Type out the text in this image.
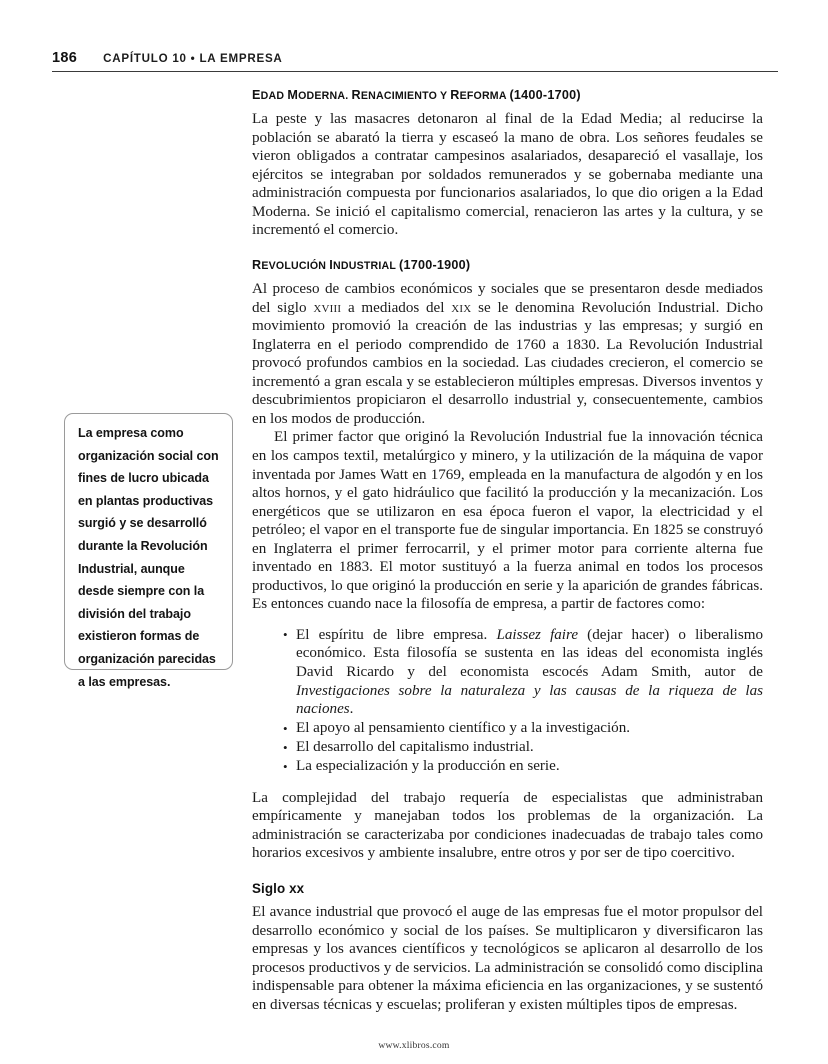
186 CAPÍTULO 10 • LA EMPRESA

La empresa como organización social con fines de lucro ubicada en plantas productivas surgió y se desarrolló durante la Revolución Industrial, aunque desde siempre con la división del trabajo existieron formas de organización parecidas a las empresas.

EDAD MODERNA. RENACIMIENTO Y REFORMA (1400-1700)

La peste y las masacres detonaron al final de la Edad Media; al reducirse la población se abarató la tierra y escaseó la mano de obra. Los señores feudales se vieron obligados a contratar campesinos asalariados, desapareció el vasallaje, los ejércitos se integraban por soldados remunerados y se gobernaba mediante una administración compuesta por funcionarios asalariados, lo que dio origen a la Edad Moderna. Se inició el capitalismo comercial, renacieron las artes y la cultura, y se incrementó el comercio.

REVOLUCIÓN INDUSTRIAL (1700-1900)

Al proceso de cambios económicos y sociales que se presentaron desde mediados del siglo xviii a mediados del xix se le denomina Revolución Industrial. Dicho movimiento promovió la creación de las industrias y las empresas; y surgió en Inglaterra en el periodo comprendido de 1760 a 1830. La Revolución Industrial provocó profundos cambios en la sociedad. Las ciudades crecieron, el comercio se incrementó a gran escala y se establecieron múltiples empresas. Diversos inventos y descubrimientos propiciaron el desarrollo industrial y, consecuentemente, cambios en los modos de producción.

El primer factor que originó la Revolución Industrial fue la innovación técnica en los campos textil, metalúrgico y minero, y la utilización de la máquina de vapor inventada por James Watt en 1769, empleada en la manufactura de algodón y en los altos hornos, y el gato hidráulico que facilitó la producción y la mecanización. Los energéticos que se utilizaron en esa época fueron el vapor, la electricidad y el petróleo; el vapor en el transporte fue de singular importancia. En 1825 se construyó en Inglaterra el primer ferrocarril, y el primer motor para corriente alterna fue inventado en 1883. El motor sustituyó a la fuerza animal en todos los procesos productivos, lo que originó la producción en serie y la aparición de grandes fábricas. Es entonces cuando nace la filosofía de empresa, a partir de factores como:

• El espíritu de libre empresa. Laissez faire (dejar hacer) o liberalismo económico. Esta filosofía se sustenta en las ideas del economista inglés David Ricardo y del economista escocés Adam Smith, autor de Investigaciones sobre la naturaleza y las causas de la riqueza de las naciones.
• El apoyo al pensamiento científico y a la investigación.
• El desarrollo del capitalismo industrial.
• La especialización y la producción en serie.

La complejidad del trabajo requería de especialistas que administraban empíricamente y manejaban todos los problemas de la organización. La administración se caracterizaba por condiciones inadecuadas de trabajo tales como horarios excesivos y ambiente insalubre, entre otros y por ser de tipo coercitivo.

Siglo xx

El avance industrial que provocó el auge de las empresas fue el motor propulsor del desarrollo económico y social de los países. Se multiplicaron y diversificaron las empresas y los avances científicos y tecnológicos se aplicaron al desarrollo de los procesos productivos y de servicios. La administración se consolidó como disciplina indispensable para obtener la máxima eficiencia en las organizaciones, y se sustentó en diversas técnicas y escuelas; proliferan y existen múltiples tipos de empresas.

www.xlibros.com
